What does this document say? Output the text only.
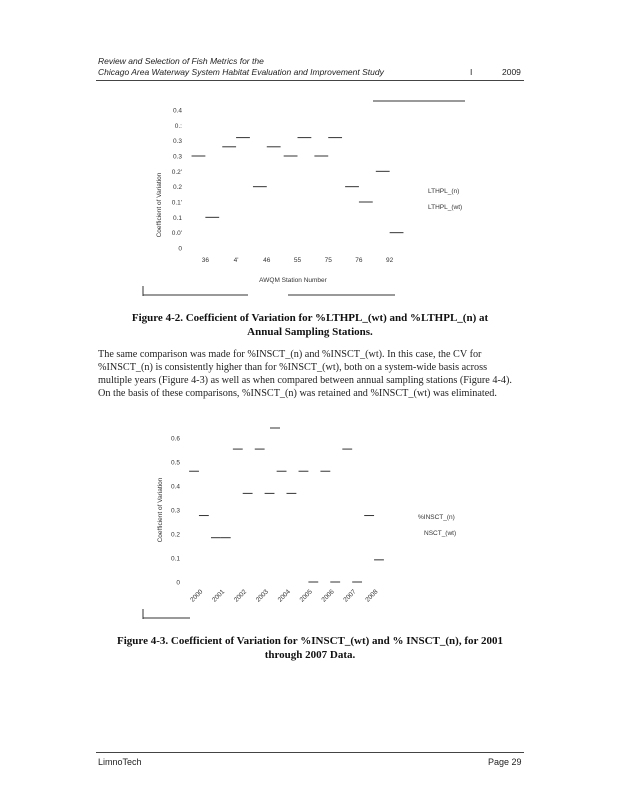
Review and Selection of Fish Metrics for the
Chicago Area Waterway System Habitat Evaluation and Improvement Study	I	2009
0.4
0.:
0.3
0.3
0.2'
0.2
0.1'
0.1
0.0'
0
36	4'	46	55	75	76	92
Coefficient of Variation
AWQM Station Number
LTHPL_(n)
LTHPL_(wt)
Figure 4-2. Coefficient of Variation for %LTHPL_(wt) and %LTHPL_(n) at
Annual Sampling Stations.

The same comparison was made for %INSCT_(n) and %INSCT_(wt). In this case, the CV for %INSCT_(n) is consistently higher than for %INSCT_(wt), both on a system-wide basis across multiple years (Figure 4-3) as well as when compared between annual sampling stations (Figure 4-4). On the basis of these comparisons, %INSCT_(n) was retained and %INSCT_(wt) was eliminated.

0.6
0.5
0.4
0.3
0.2
0.1
0
2000 2001 2002 2003 2004 2005 2006 2007 2008
Coefficient of Variation	%INSCT_(n)
NSCT_(wt)
Figure 4-3. Coefficient of Variation for %INSCT_(wt) and % INSCT_(n), for 2001
through 2007 Data.
LimnoTech	Page 29
